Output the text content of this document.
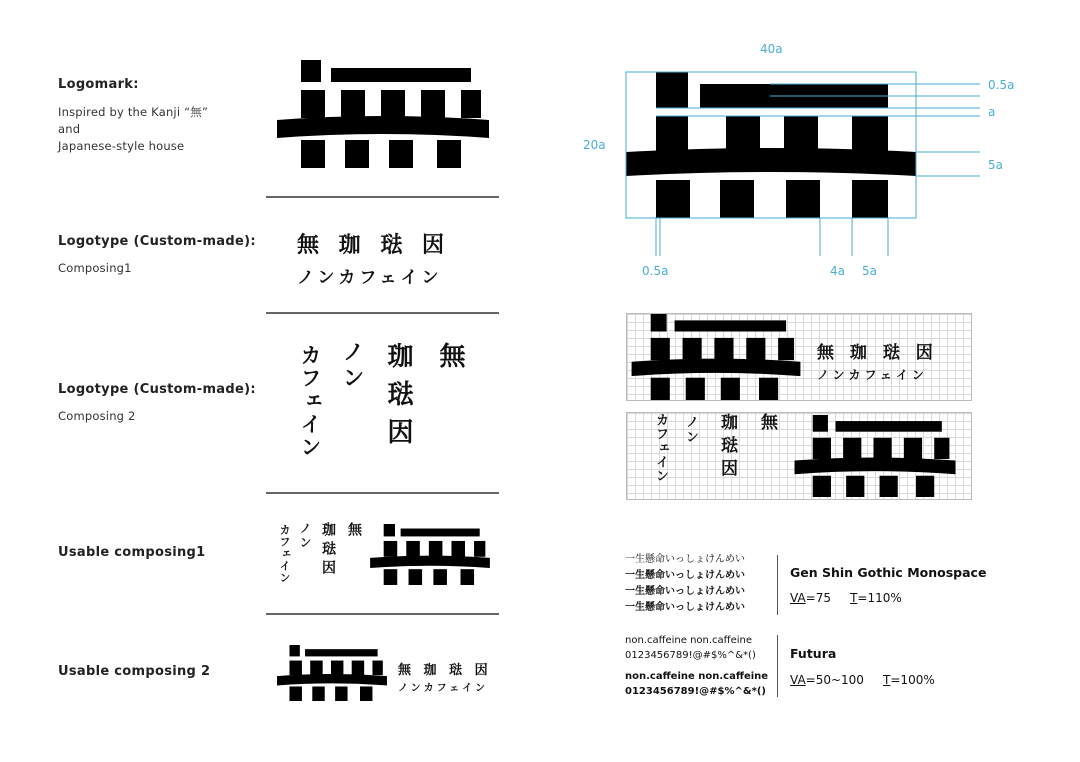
Logomark:
Inspired by the Kanji “無”
and
Japanese-style house
Logotype (Custom-made):
Composing1
Logotype (Custom-made):
Composing 2
Usable composing1
Usable composing 2
無 珈 琺 因
ノンカフェイン
無
珈琺因
ノン
カフェイン
無
珈琺因
ノン
カフェイン
無 珈 琺 因
ノンカフェイン
40a
20a
0.5a
a
5a
0.5a	4a 5a
無 珈 琺 因
ノンカフェイン
無
珈琺因
ノン
カフェイン
一生懸命いっしょけんめい
一生懸命いっしょけんめい
一生懸命いっしょけんめい
一生懸命いっしょけんめい
Gen Shin Gothic Monospace
VA=75 T=110%
non.caffeine non.caffeine
0123456789!@#$%^&*()
non.caffeine non.caffeine
0123456789!@#$%^&*()
Futura
VA=50~100 T=100%
